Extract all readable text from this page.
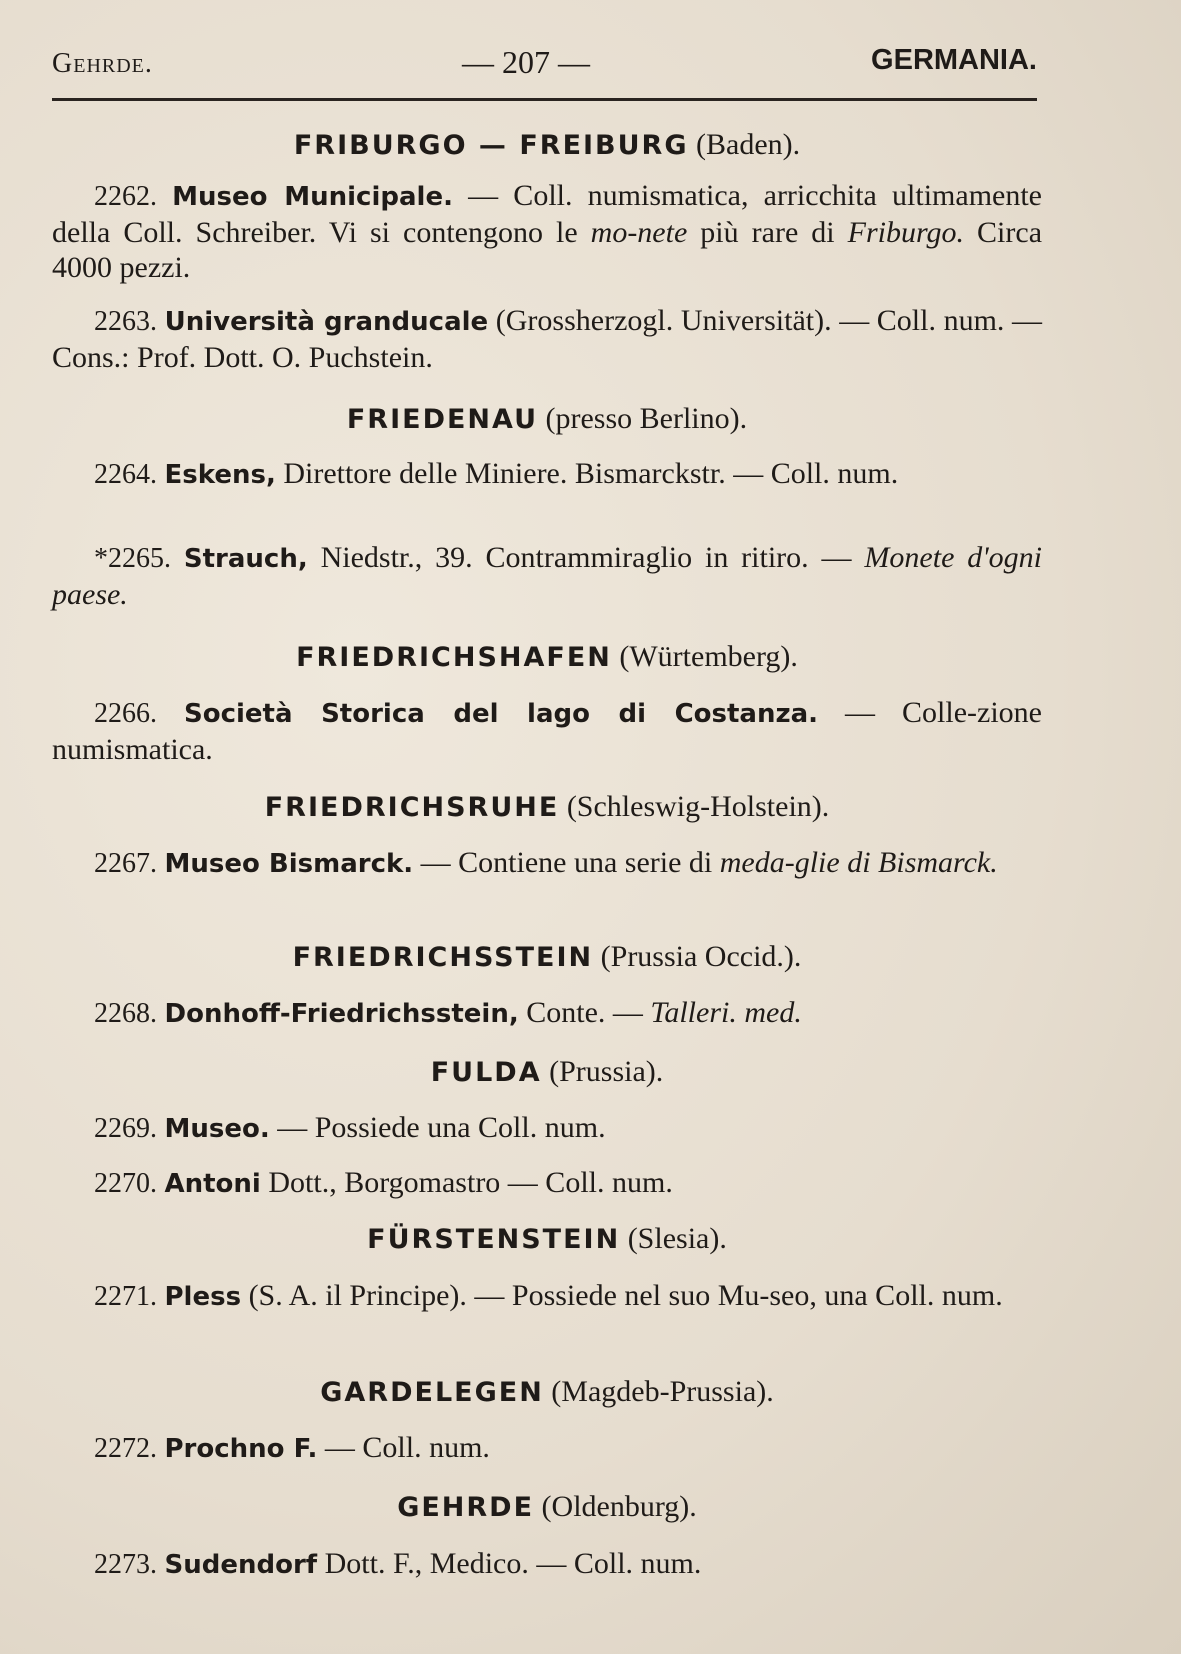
Gehrde.	— 207 —	GERMANIA.
FRIBURGO — FREIBURG (Baden).
2262. Museo Municipale. — Coll. numismatica, arricchita ultimamente della Coll. Schreiber. Vi si contengono le mo-nete più rare di Friburgo. Circa 4000 pezzi.
2263. Università granducale (Grossherzogl. Universität). — Coll. num. — Cons.: Prof. Dott. O. Puchstein.
FRIEDENAU (presso Berlino).
2264. Eskens, Direttore delle Miniere. Bismarckstr. — Coll. num.
*2265. Strauch, Niedstr., 39. Contrammiraglio in ritiro. — Monete d'ogni paese.
FRIEDRICHSHAFEN (Würtemberg).
2266. Società Storica del lago di Costanza. — Colle-zione numismatica.
FRIEDRICHSRUHE (Schleswig-Holstein).
2267. Museo Bismarck. — Contiene una serie di meda-glie di Bismarck.
FRIEDRICHSSTEIN (Prussia Occid.).
2268. Donhoff-Friedrichsstein, Conte. — Talleri. med.
FULDA (Prussia).
2269. Museo. — Possiede una Coll. num.
2270. Antoni Dott., Borgomastro — Coll. num.
FÜRSTENSTEIN (Slesia).
2271. Pless (S. A. il Principe). — Possiede nel suo Mu-seo, una Coll. num.
GARDELEGEN (Magdeb-Prussia).
2272. Prochno F. — Coll. num.
GEHRDE (Oldenburg).
2273. Sudendorf Dott. F., Medico. — Coll. num.
